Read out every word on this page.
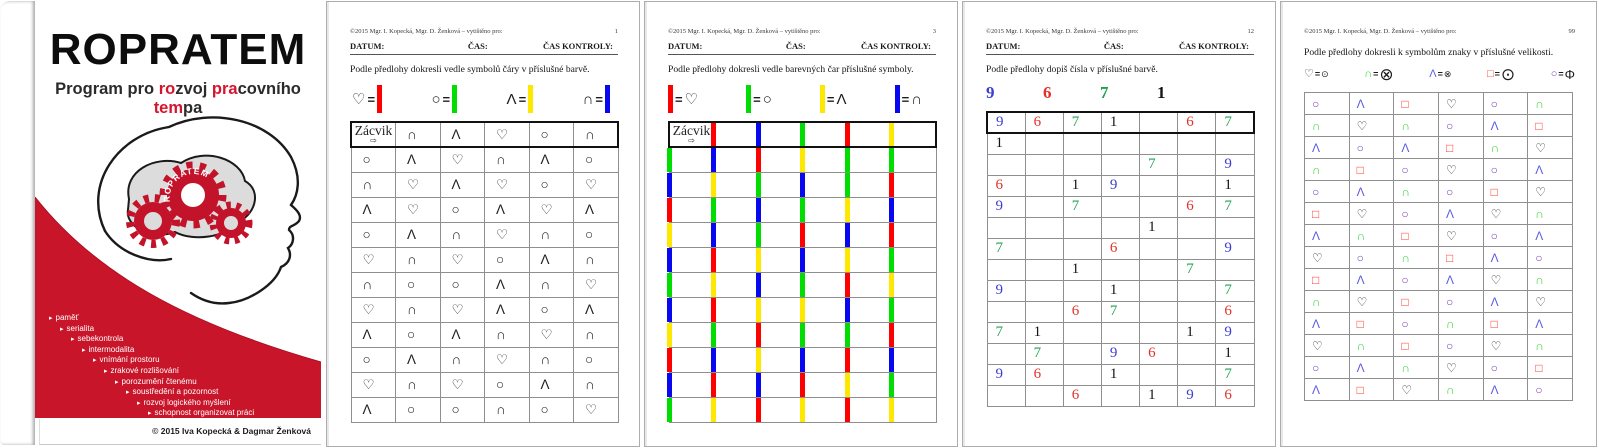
ROPRATEM - Program pro rozvoj pracovního tempa
© 2015 KaŽ
ROPRATEM
Program pro rozvoj pracovního tempa
ROPRATEM
▸ paměť
▸ serialita
▸ sebekontrola
▸ intermodalita
▸ vnímání prostoru
▸ zrakové rozlišování
▸ porozumění čtenému
▸ soustředění a pozornost
▸ rozvoj logického myšlení
▸ schopnost organizovat práci
© 2015 Iva Kopecká & Dagmar Ženková
©2015 Mgr. I. Kopecká, Mgr. D. Ženková – vytištěno pro:	1
DATUM:	ČAS:	ČAS KONTROLY:
Podle předlohy dokresli vedle symbolů čáry v příslušné barvě.
♡ =	○ =	Λ =	∩ =
Zácvik
⇨	∩	Λ	♡	○	∩
○	Λ	♡	∩	Λ	○
∩	♡	Λ	♡	○	♡
Λ	♡	○	Λ	♡	Λ
○	Λ	∩	♡	∩	○
♡	∩	♡	○	Λ	∩
∩	○	○	Λ	∩	♡
♡	∩	♡	Λ	○	Λ
Λ	○	Λ	∩	♡	∩
○	Λ	∩	♡	∩	○
♡	∩	♡	○	Λ	∩
Λ	○	○	∩	○	♡
©2015 Mgr. I. Kopecká, Mgr. D. Ženková – vytištěno pro:	3
DATUM:	ČAS:	ČAS KONTROLY:
Podle předlohy dokresli vedle barevných čar příslušné symboly.
= ♡	= ○	= Λ	= ∩
Zácvik
⇨					

©2015 Mgr. I. Kopecká, Mgr. D. Ženková – vytištěno pro:	12
DATUM:	ČAS:	ČAS KONTROLY:
Podle předlohy dopiš čísla v příslušné barvě.
9	6	7	1
9	6	7	1		6	7
1						
				7		9
6		1	9			1
9		7			6	7
				1		
7			6			9
		1			7	
9			1			7
		6	7			6
7	1				1	9
	7		9	6		1
9	6		1			7
		6		1	9	6
©2015 Mgr. I. Kopecká, Mgr. D. Ženková – vytištěno pro:	99
Podle předlohy dokresli k symbolům znaky v příslušné velikosti.
♡ = ⊙	∩ = ⊗	Λ = ⊗	□ = ⊙	○ = Φ
○	Λ	□	♡	○	∩
∩	♡	∩	○	Λ	□
Λ	○	Λ	□	∩	♡
∩	□	○	♡	○	Λ
○	Λ	∩	○	□	♡
□	♡	○	Λ	♡	∩
Λ	∩	□	♡	○	Λ
♡	○	∩	□	Λ	○
□	Λ	○	Λ	♡	∩
∩	♡	□	○	Λ	♡
Λ	□	○	∩	□	Λ
♡	∩	□	○	♡	∩
○	Λ	∩	♡	○	□
Λ	□	♡	∩	Λ	○
